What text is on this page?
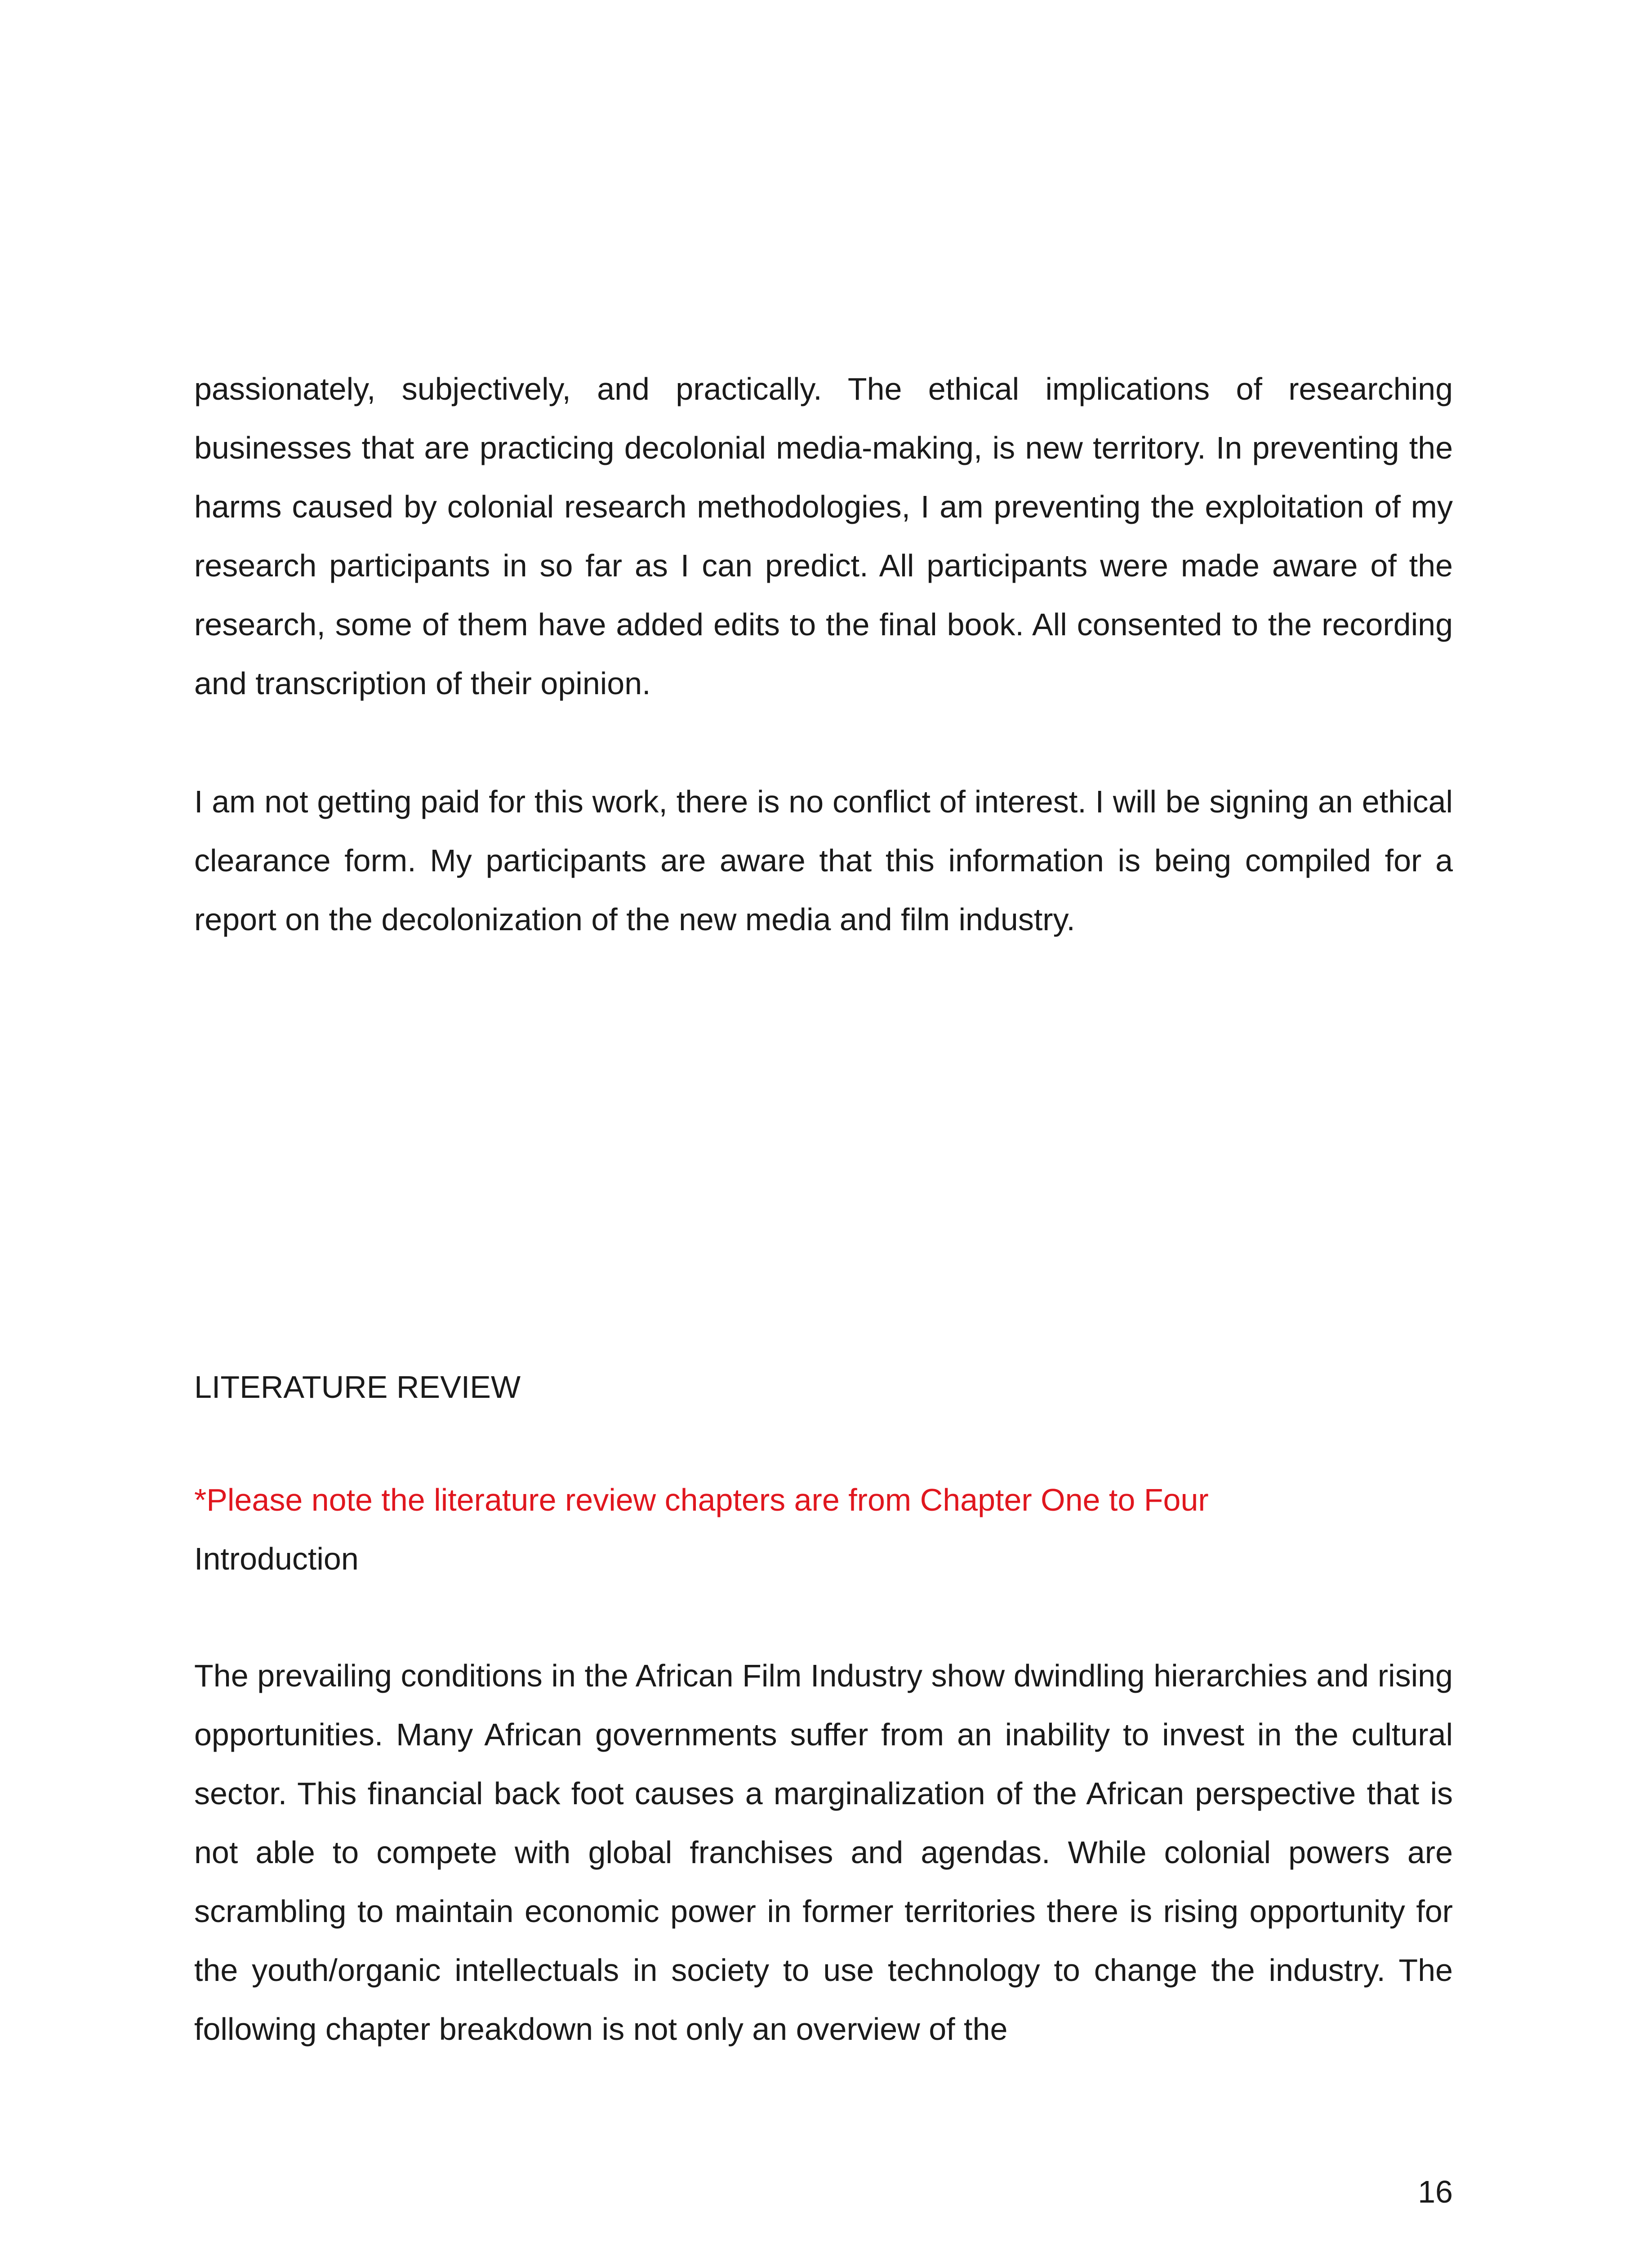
passionately, subjectively, and practically. The ethical implications of researching businesses that are practicing decolonial media-making, is new territory. In preventing the harms caused by colonial research methodologies, I am preventing the exploitation of my research participants in so far as I can predict. All participants were made aware of the research, some of them have added edits to the final book. All consented to the recording and transcription of their opinion.

I am not getting paid for this work, there is no conflict of interest. I will be signing an ethical clearance form. My participants are aware that this information is being compiled for a report on the decolonization of the new media and film industry.

LITERATURE REVIEW

*Please note the literature review chapters are from Chapter One to Four

Introduction

The prevailing conditions in the African Film Industry show dwindling hierarchies and rising opportunities. Many African governments suffer from an inability to invest in the cultural sector. This financial back foot causes a marginalization of the African perspective that is not able to compete with global franchises and agendas. While colonial powers are scrambling to maintain economic power in former territories there is rising opportunity for the youth/organic intellectuals in society to use technology to change the industry. The following chapter breakdown is not only an overview of the

16
